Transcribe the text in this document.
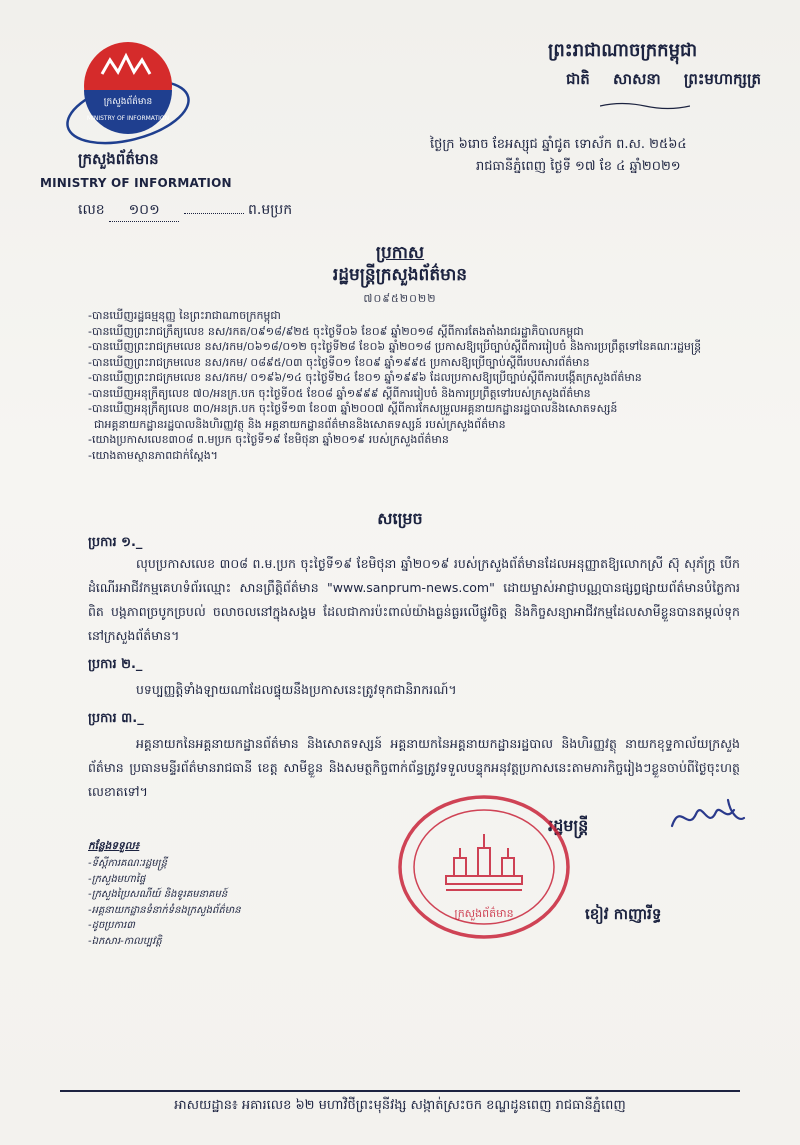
ក្រសួងព័ត៌មាន
MINISTRY OF INFORMATION
ក្រសួងព័ត៌មាន
MINISTRY OF INFORMATION
លេខ ១០១	ព.មប្រក
ព្រះរាជាណាចក្រកម្ពុជា
ជាតិ សាសនា ព្រះមហាក្សត្រ
ថ្ងៃក្រ ៦រោច ខែអស្សុជ ឆ្នាំជូត ទោស័ក ព.ស. ២៥៦៤
រាជធានីភ្នំពេញ ថ្ងៃទី ១៧ ខែ ៤ ឆ្នាំ២០២១
ប្រកាស
រដ្ឋមន្ត្រីក្រសួងព័ត៌មាន
៧០៩៥២០២២
-បានឃើញរដ្ឋធម្មនុញ្ញ នៃព្រះរាជាណាចក្រកម្ពុជា
-បានឃើញព្រះរាជក្រឹត្យលេខ នស/រកត/០៩១៨/៩២៥ ចុះថ្ងៃទី០៦ ខែ០៩ ឆ្នាំ២០១៨ ស្តីពីការតែងតាំងរាជរដ្ឋាភិបាលកម្ពុជា
-បានឃើញព្រះរាជក្រមលេខ នស/រកម/០៦១៨/០១២ ចុះថ្ងៃទី២៨ ខែ០៦ ឆ្នាំ២០១៨ ប្រកាសឱ្យប្រើច្បាប់ស្តីពីការរៀបចំ និងការប្រព្រឹត្តទៅនៃគណៈរដ្ឋមន្ត្រី
-បានឃើញព្រះរាជក្រមលេខ នស/រកម/ ០៨៩៥/០៣ ចុះថ្ងៃទី០១ ខែ០៩ ឆ្នាំ១៩៩៥ ប្រកាសឱ្យប្រើច្បាប់ស្តីពីរបបសារព័ត៌មាន
-បានឃើញព្រះរាជក្រមលេខ នស/រកម/ ០១៩៦/១៤ ចុះថ្ងៃទី២៤ ខែ០១ ឆ្នាំ១៩៩៦ ដែលប្រកាសឱ្យប្រើច្បាប់ស្តីពីការបង្កើតក្រសួងព័ត៌មាន
-បានឃើញអនុក្រឹត្យលេខ ៧០/អនក្រ.បក ចុះថ្ងៃទី០៥ ខែ០៨ ឆ្នាំ១៩៩៩ ស្តីពីការរៀបចំ និងការប្រព្រឹត្តទៅរបស់ក្រសួងព័ត៌មាន
-បានឃើញអនុក្រឹត្យលេខ ៣០/អនក្រ.បក ចុះថ្ងៃទី១៣ ខែ០៣ ឆ្នាំ២០០៧ ស្តីពីការកែសម្រួលអគ្គនាយកដ្ឋានរដ្ឋបាលនិងសោតទស្សន៍
ជាអគ្គនាយកដ្ឋានរដ្ឋបាលនិងហិរញ្ញវត្ថុ និង អគ្គនាយកដ្ឋានព័ត៌មាននិងសោតទស្សន៍ របស់ក្រសួងព័ត៌មាន
-យោងប្រកាសលេខ៣០៨ ព.មប្រក ចុះថ្ងៃទី១៩ ខែមិថុនា ឆ្នាំ២០១៩ របស់ក្រសួងព័ត៌មាន
-យោងតាមស្ថានភាពជាក់ស្តែង។
សម្រេច
ប្រការ ១._
លុបប្រកាសលេខ ៣០៨ ព.ម.ប្រក ចុះថ្ងៃទី១៩ ខែមិថុនា ឆ្នាំ២០១៩ របស់ក្រសួងព័ត៌មានដែលអនុញ្ញាតឱ្យលោកស្រី ស៊ុ សុភ័ក្រ្ត បើកដំណើរអាជីវកម្មគេហទំព័រឈ្មោះ សានព្រឹត្តិព័ត៌មាន "www.sanprum-news.com" ដោយម្ចាស់អាជ្ញាបណ្ណបានផ្សព្វផ្សាយព័ត៌មានបំភ្លៃការពិត បង្កភាពច្របូកច្របល់ ចលាចលនៅក្នុងសង្គម ដែលជាការប៉ះពាល់យ៉ាងធ្ងន់ធ្ងរលើផ្លូវចិត្ត និងកិច្ចសន្យាអាជីវកម្មដែលសាមីខ្លួនបានតម្កល់ទុកនៅក្រសួងព័ត៌មាន។
ប្រការ ២._
បទប្បញ្ញត្តិទាំងឡាយណាដែលផ្ទុយនឹងប្រកាសនេះត្រូវទុកជានិរាករណ៍។
ប្រការ ៣._
អគ្គនាយកនៃអគ្គនាយកដ្ឋានព័ត៌មាន និងសោតទស្សន៍ អគ្គនាយកនៃអគ្គនាយកដ្ឋានរដ្ឋបាល និងហិរញ្ញវត្ថុ នាយកខុទ្ទកាល័យក្រសួងព័ត៌មាន ប្រធានមន្ទីរព័ត៌មានរាជធានី ខេត្ត សាមីខ្លួន និងសមត្ថកិច្ចពាក់ព័ន្ធត្រូវទទួលបន្ទុកអនុវត្តប្រកាសនេះតាមភារកិច្ចរៀងៗខ្លួនចាប់ពីថ្ងៃចុះហត្ថលេខាតទៅ។
រដ្ឋមន្ត្រី
ក្រសួងព័ត៌មាន	ខៀវ កាញារីទ្ធ
កន្លែងទទួល៖
-ទីស្តីការគណៈរដ្ឋមន្ត្រី
-ក្រសួងមហាផ្ទៃ
-ក្រសួងប្រៃសណីយ៍ និងទូរគមនាគមន៍
-អគ្គនាយកដ្ឋានទំនាក់ទំនងក្រសួងព័ត៌មាន
-ដូចប្រការ៣
-ឯកសារ-កាលប្បវត្តិ
អាសយដ្ឋាន៖ អគារលេខ ៦២ មហាវិថីព្រះមុនីវង្ស សង្កាត់ស្រះចក ខណ្ឌដូនពេញ រាជធានីភ្នំពេញ
